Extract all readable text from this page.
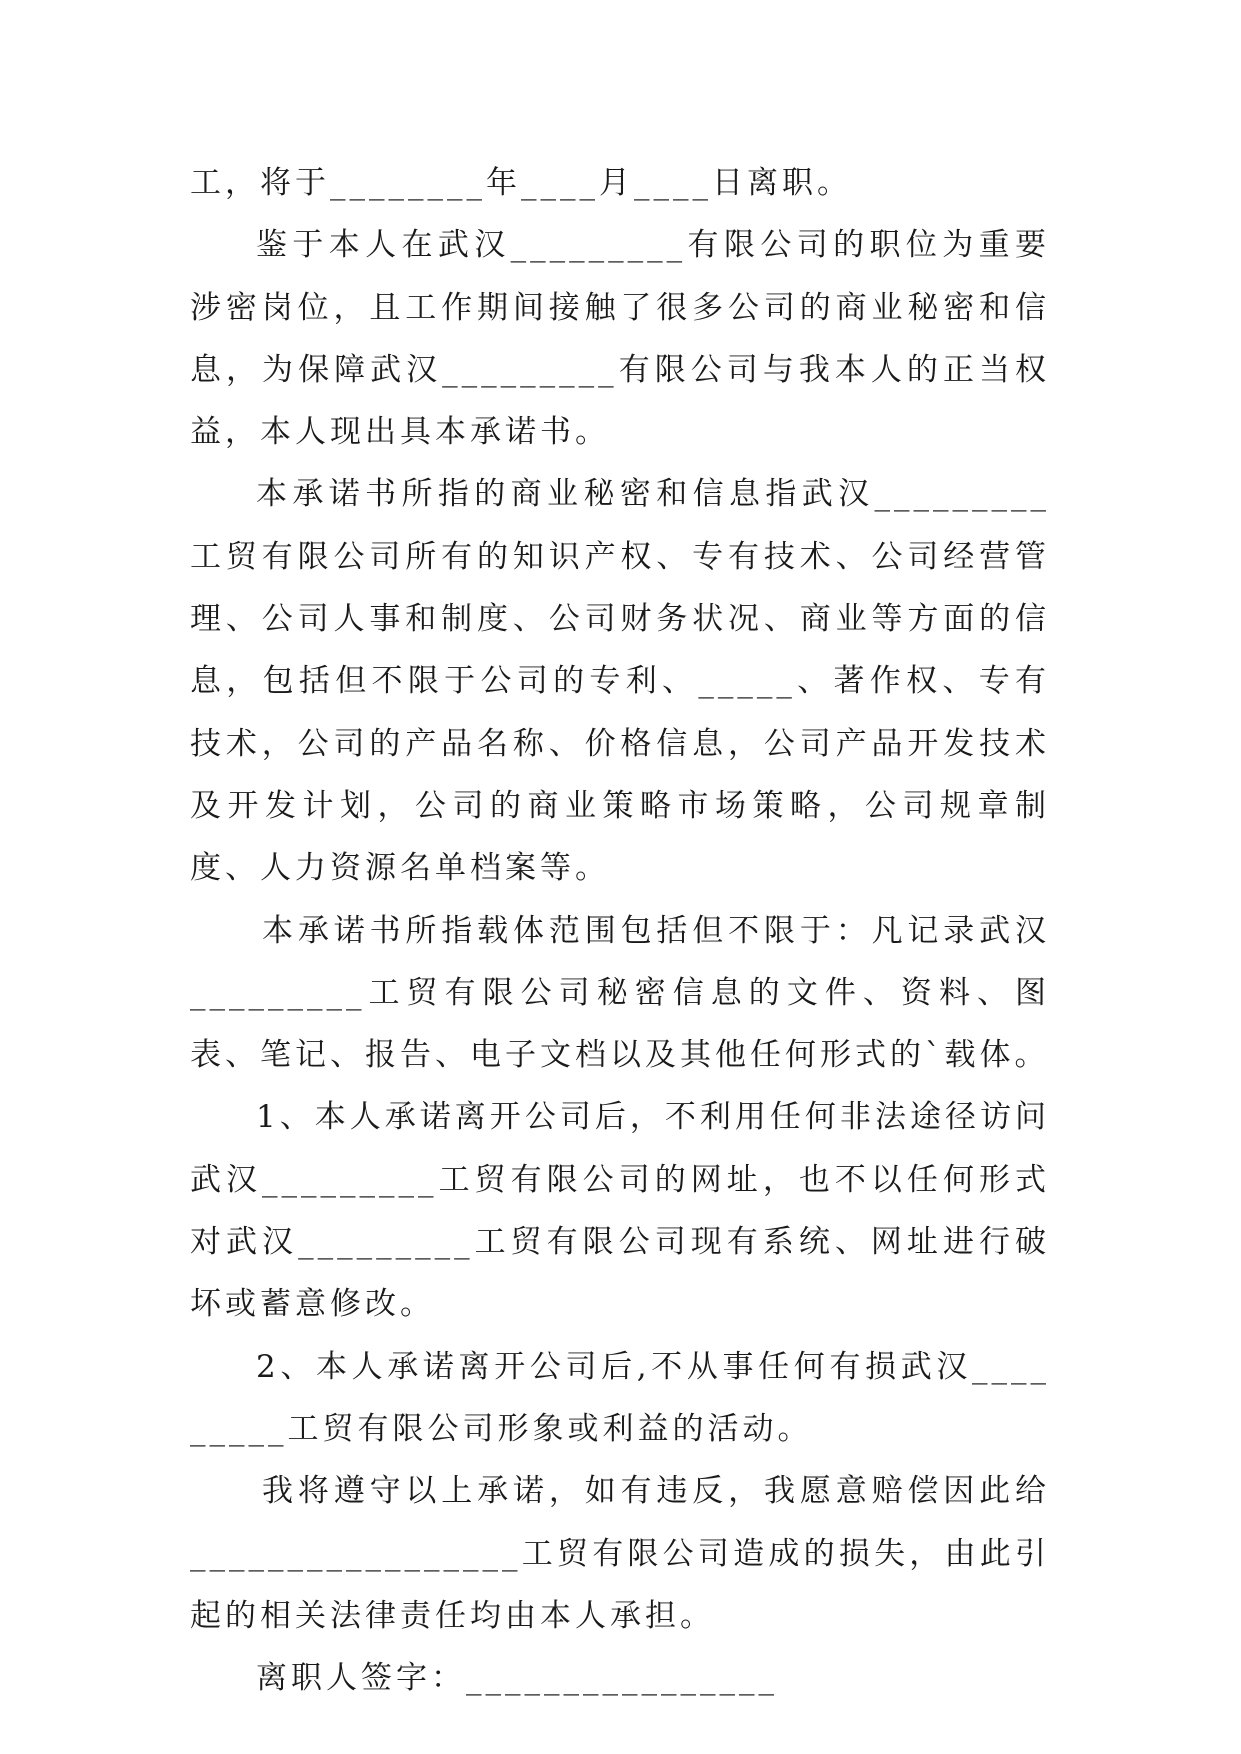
工，将于________年____月____日离职。

鉴于本人在武汉_________有限公司的职位为重要涉密岗位，且工作期间接触了很多公司的商业秘密和信息，为保障武汉_________有限公司与我本人的正当权益，本人现出具本承诺书。

本承诺书所指的商业秘密和信息指武汉_________工贸有限公司所有的知识产权、专有技术、公司经营管理、公司人事和制度、公司财务状况、商业等方面的信息，包括但不限于公司的专利、_____、著作权、专有技术，公司的产品名称、价格信息，公司产品开发技术及开发计划，公司的商业策略市场策略，公司规章制度、人力资源名单档案等。

本承诺书所指载体范围包括但不限于：凡记录武汉_________工贸有限公司秘密信息的文件、资料、图表、笔记、报告、电子文档以及其他任何形式的`载体。

1、本人承诺离开公司后，不利用任何非法途径访问武汉_________工贸有限公司的网址，也不以任何形式对武汉_________工贸有限公司现有系统、网址进行破坏或蓄意修改。

2、本人承诺离开公司后,不从事任何有损武汉_________工贸有限公司形象或利益的活动。

我将遵守以上承诺，如有违反，我愿意赔偿因此给_________________工贸有限公司造成的损失，由此引起的相关法律责任均由本人承担。

离职人签字：________________
